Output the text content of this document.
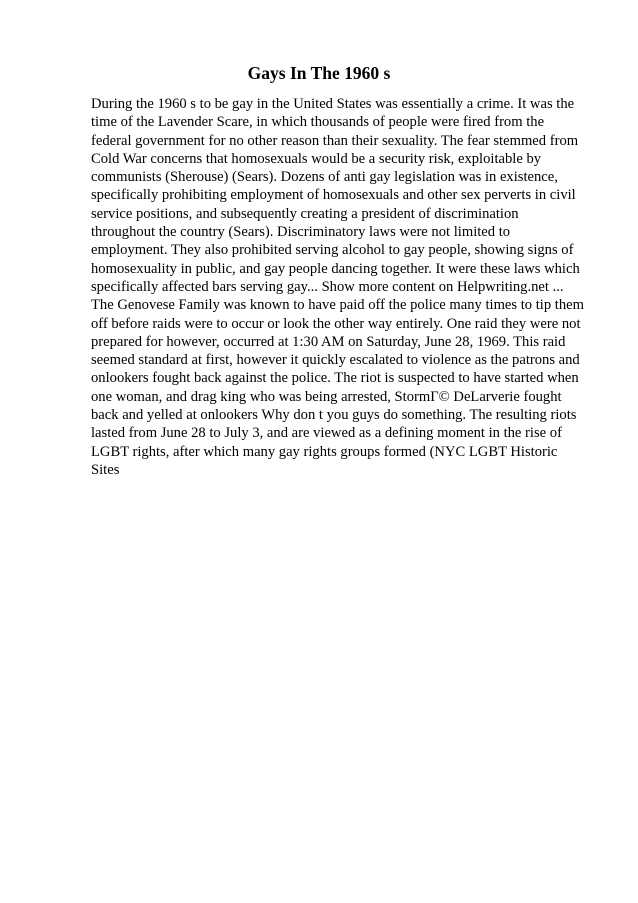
Gays In The 1960 s

During the 1960 s to be gay in the United States was essentially a crime. It was the time of the Lavender Scare, in which thousands of people were fired from the federal government for no other reason than their sexuality. The fear stemmed from Cold War concerns that homosexuals would be a security risk, exploitable by communists (Sherouse) (Sears). Dozens of anti gay legislation was in existence, specifically prohibiting employment of homosexuals and other sex perverts in civil service positions, and subsequently creating a president of discrimination throughout the country (Sears). Discriminatory laws were not limited to employment. They also prohibited serving alcohol to gay people, showing signs of homosexuality in public, and gay people dancing together. It were these laws which specifically affected bars serving gay... Show more content on Helpwriting.net ...

The Genovese Family was known to have paid off the police many times to tip them off before raids were to occur or look the other way entirely. One raid they were not prepared for however, occurred at 1:30 AM on Saturday, June 28, 1969. This raid seemed standard at first, however it quickly escalated to violence as the patrons and onlookers fought back against the police. The riot is suspected to have started when one woman, and drag king who was being arrested, StormГ© DeLarverie fought back and yelled at onlookers Why don t you guys do something. The resulting riots lasted from June 28 to July 3, and are viewed as a defining moment in the rise of LGBT rights, after which many gay rights groups formed (NYC LGBT Historic Sites
